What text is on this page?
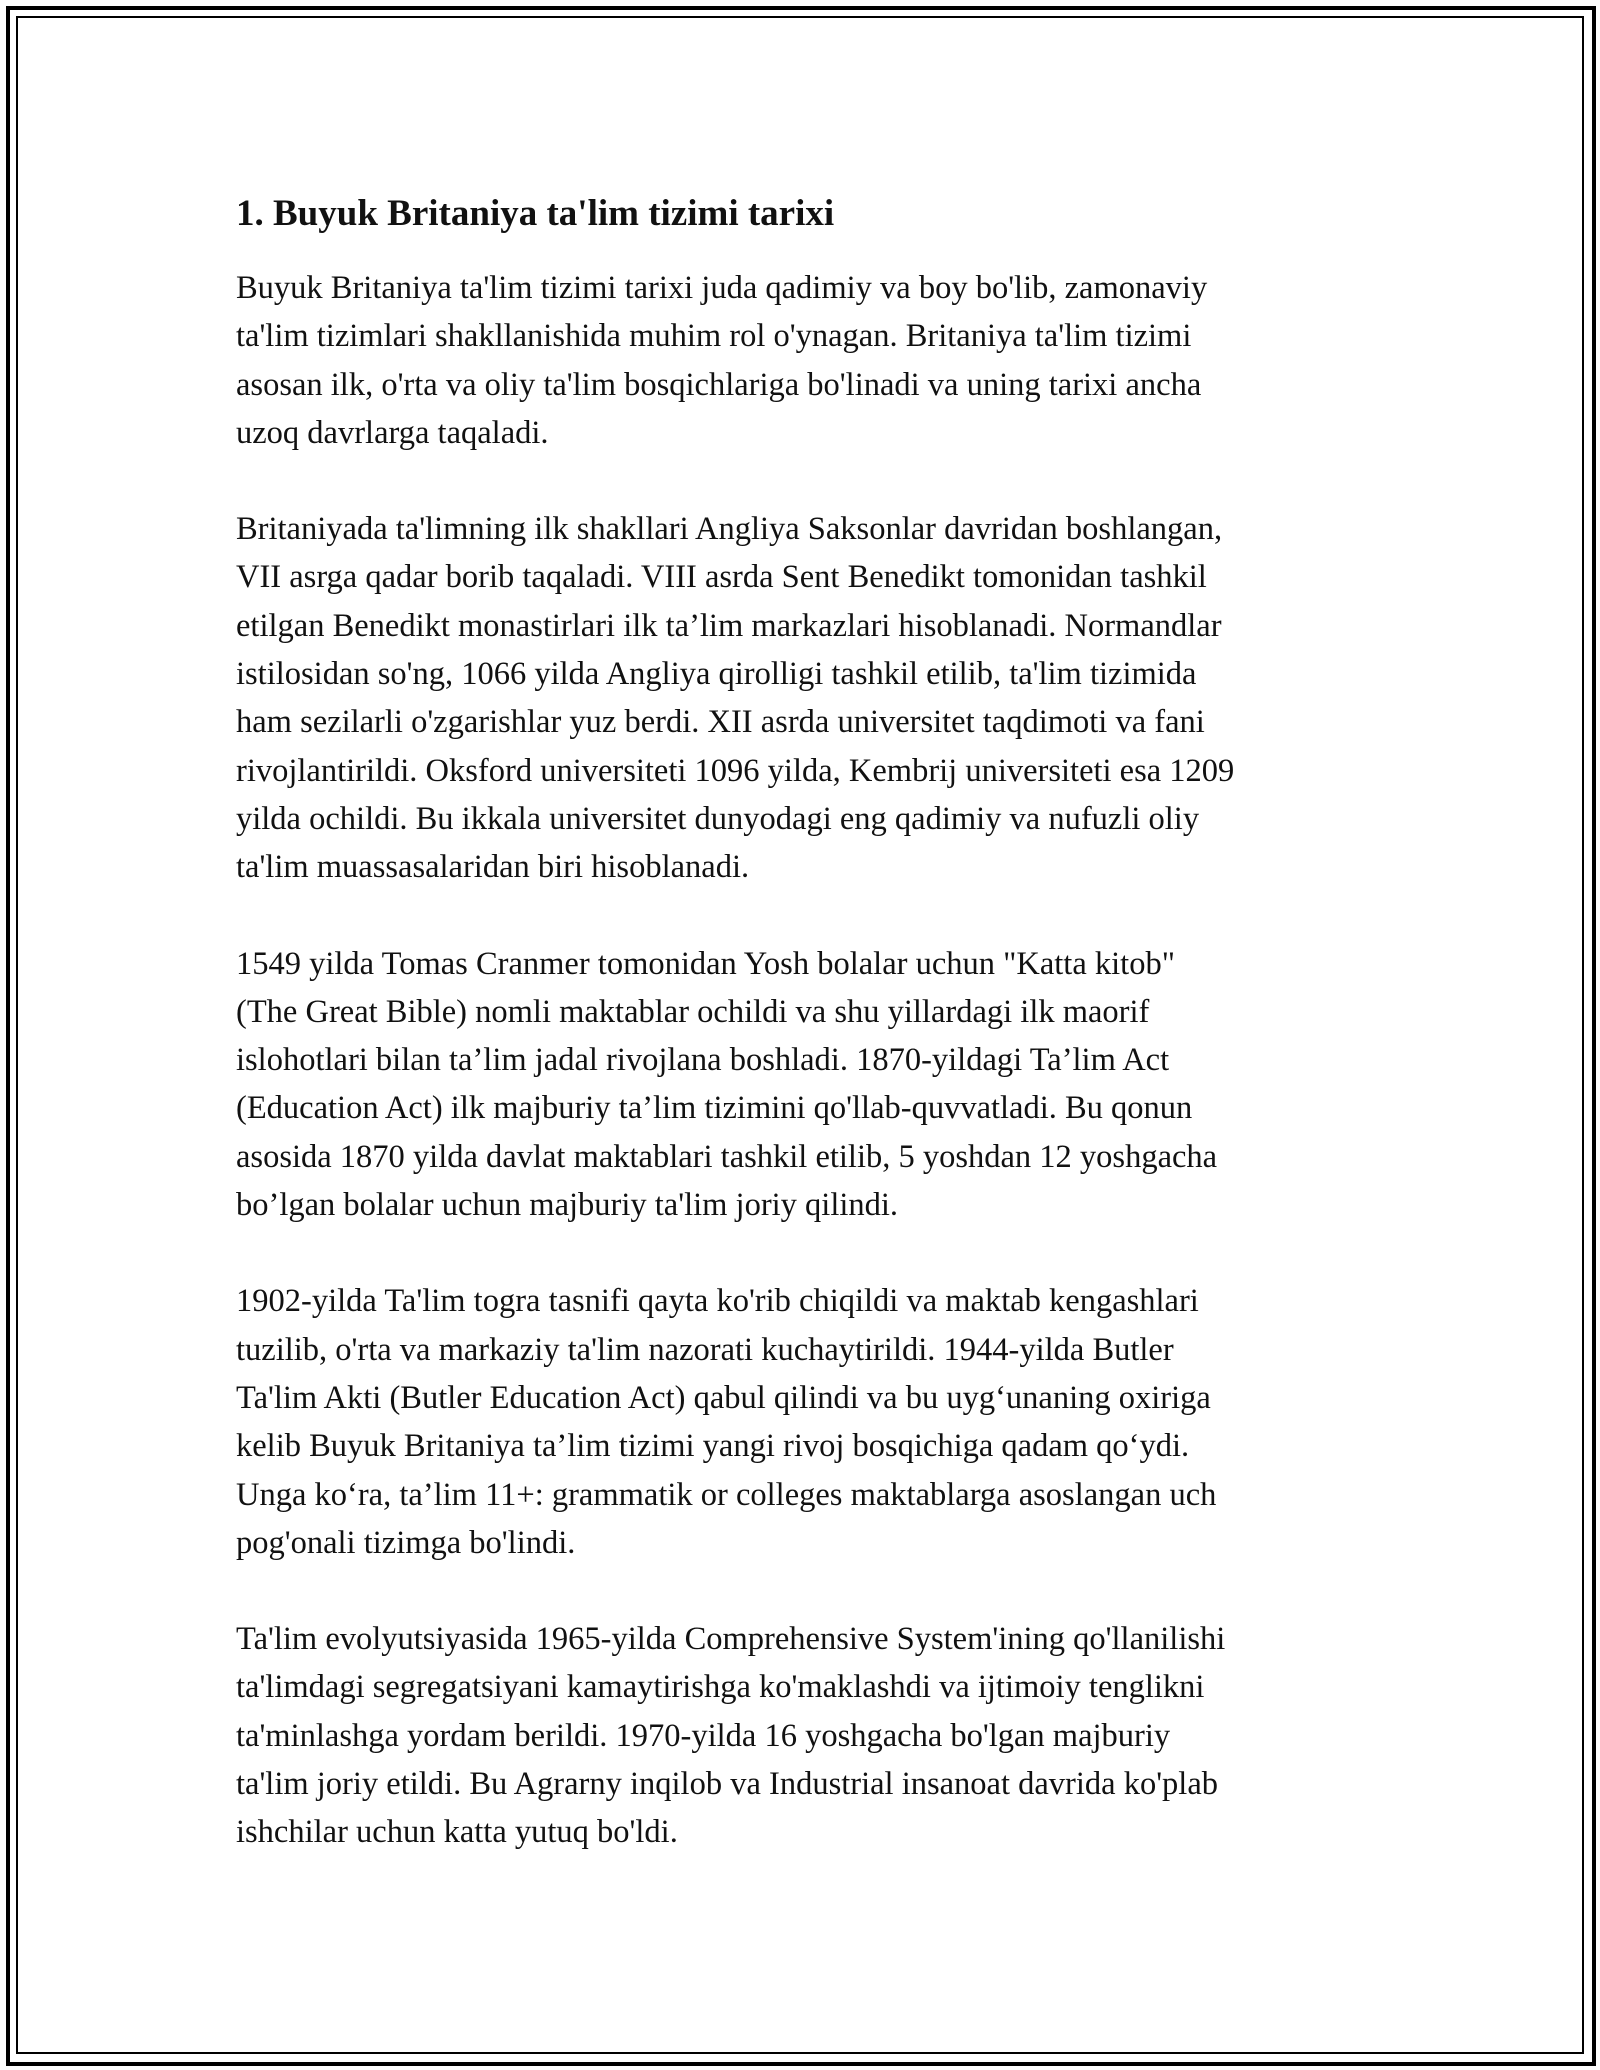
1. Buyuk Britaniya ta'lim tizimi tarixi

Buyuk Britaniya ta'lim tizimi tarixi juda qadimiy va boy bo'lib, zamonaviy
ta'lim tizimlari shakllanishida muhim rol o'ynagan. Britaniya ta'lim tizimi
asosan ilk, o'rta va oliy ta'lim bosqichlariga bo'linadi va uning tarixi ancha
uzoq davrlarga taqaladi.

Britaniyada ta'limning ilk shakllari Angliya Saksonlar davridan boshlangan,
VII asrga qadar borib taqaladi. VIII asrda Sent Benedikt tomonidan tashkil
etilgan Benedikt monastirlari ilk ta’lim markazlari hisoblanadi. Normandlar
istilosidan so'ng, 1066 yilda Angliya qirolligi tashkil etilib, ta'lim tizimida
ham sezilarli o'zgarishlar yuz berdi. XII asrda universitet taqdimoti va fani
rivojlantirildi. Oksford universiteti 1096 yilda, Kembrij universiteti esa 1209
yilda ochildi. Bu ikkala universitet dunyodagi eng qadimiy va nufuzli oliy
ta'lim muassasalaridan biri hisoblanadi.

1549 yilda Tomas Cranmer tomonidan Yosh bolalar uchun "Katta kitob"
(The Great Bible) nomli maktablar ochildi va shu yillardagi ilk maorif
islohotlari bilan ta’lim jadal rivojlana boshladi. 1870-yildagi Ta’lim Act
(Education Act) ilk majburiy ta’lim tizimini qo'llab-quvvatladi. Bu qonun
asosida 1870 yilda davlat maktablari tashkil etilib, 5 yoshdan 12 yoshgacha
bo’lgan bolalar uchun majburiy ta'lim joriy qilindi.

1902-yilda Ta'lim togra tasnifi qayta ko'rib chiqildi va maktab kengashlari
tuzilib, o'rta va markaziy ta'lim nazorati kuchaytirildi. 1944-yilda Butler
Ta'lim Akti (Butler Education Act) qabul qilindi va bu uyg‘unaning oxiriga
kelib Buyuk Britaniya ta’lim tizimi yangi rivoj bosqichiga qadam qo‘ydi.
Unga ko‘ra, ta’lim 11+: grammatik or colleges maktablarga asoslangan uch
pog'onali tizimga bo'lindi.

Ta'lim evolyutsiyasida 1965-yilda Comprehensive System'ining qo'llanilishi
ta'limdagi segregatsiyani kamaytirishga ko'maklashdi va ijtimoiy tenglikni
ta'minlashga yordam berildi. 1970-yilda 16 yoshgacha bo'lgan majburiy
ta'lim joriy etildi. Bu Agrarny inqilob va Industrial insanoat davrida ko'plab
ishchilar uchun katta yutuq bo'ldi.
